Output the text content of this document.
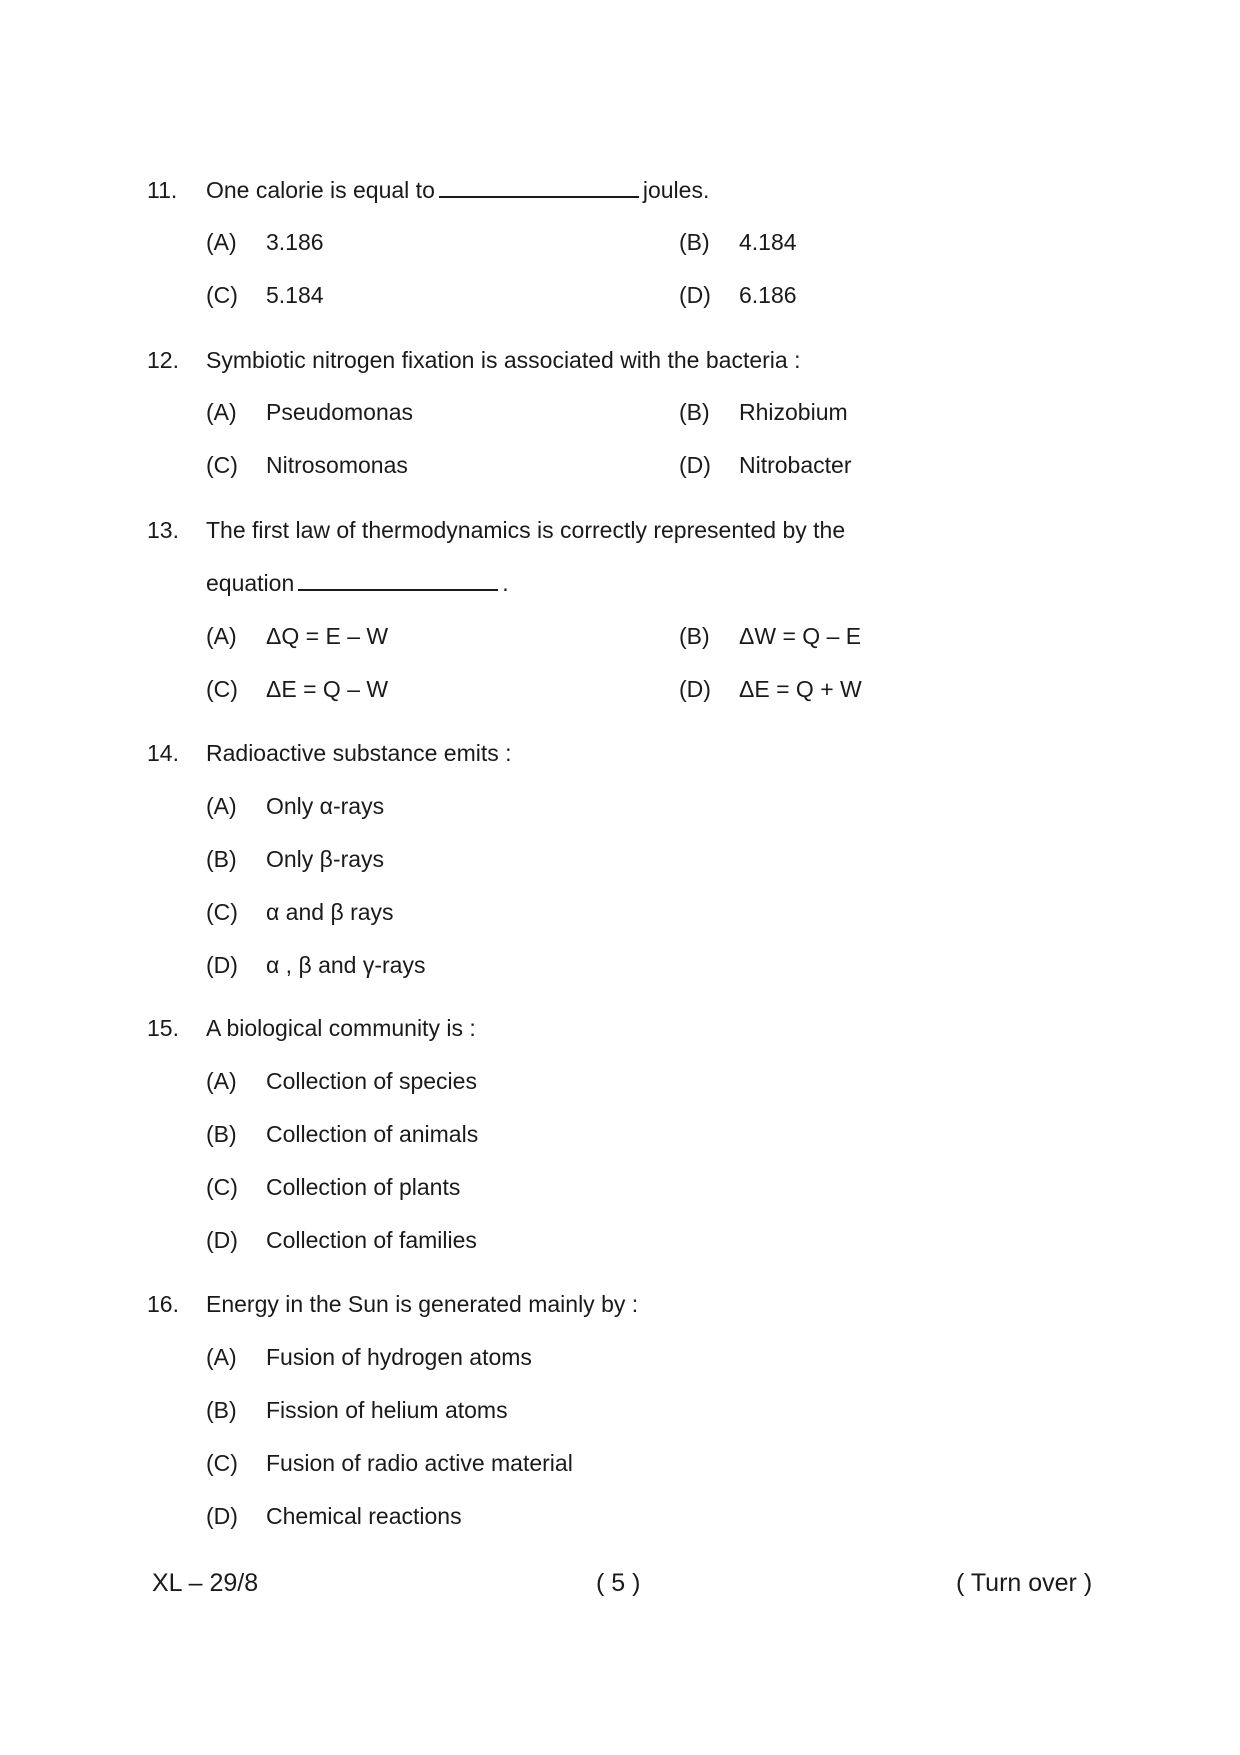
11. One calorie is equal to	joules.
(A) 3.186	(B) 4.184
(C) 5.184	(D) 6.186
12. Symbiotic nitrogen fixation is associated with the bacteria :
(A) Pseudomonas	(B) Rhizobium
(C) Nitrosomonas	(D) Nitrobacter
13. The first law of thermodynamics is correctly represented by the
equation	.
(A) ΔQ = E – W	(B) ΔW = Q – E
(C) ΔE = Q – W	(D) ΔE = Q + W
14. Radioactive substance emits :
(A) Only α-rays
(B) Only β-rays
(C) α and β rays
(D) α , β and γ-rays
15. A biological community is :
(A) Collection of species
(B) Collection of animals
(C) Collection of plants
(D) Collection of families
16. Energy in the Sun is generated mainly by :
(A) Fusion of hydrogen atoms
(B) Fission of helium atoms
(C) Fusion of radio active material
(D) Chemical reactions
XL – 29/8	( 5 )	( Turn over )
